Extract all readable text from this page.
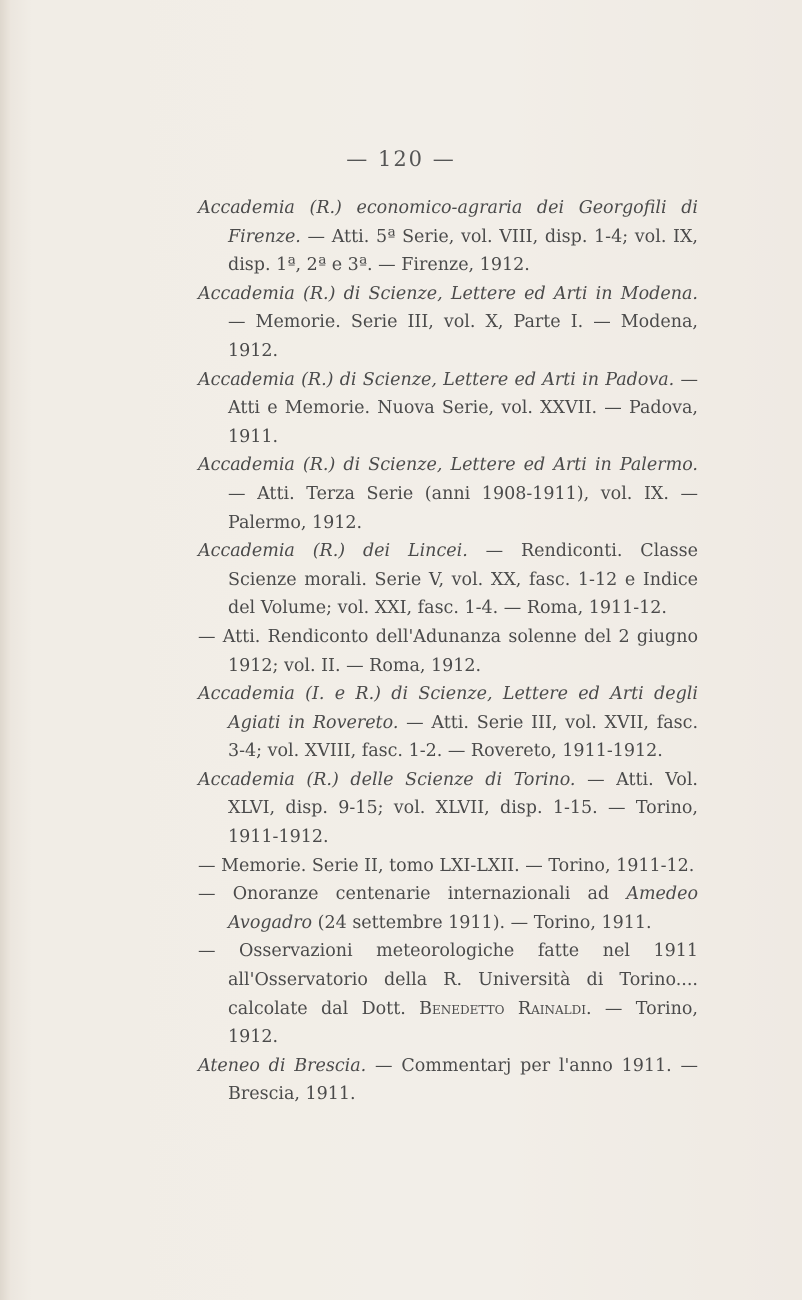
— 120 —

Accademia (R.) economico-agraria dei Georgofili di Firenze. — Atti. 5ª Serie, vol. VIII, disp. 1-4; vol. IX, disp. 1ª, 2ª e 3ª. — Firenze, 1912.

Accademia (R.) di Scienze, Lettere ed Arti in Modena. — Memorie. Serie III, vol. X, Parte I. — Modena, 1912.

Accademia (R.) di Scienze, Lettere ed Arti in Padova. — Atti e Memorie. Nuova Serie, vol. XXVII. — Padova, 1911.

Accademia (R.) di Scienze, Lettere ed Arti in Palermo. — Atti. Terza Serie (anni 1908-1911), vol. IX. — Palermo, 1912.

Accademia (R.) dei Lincei. — Rendiconti. Classe Scienze morali. Serie V, vol. XX, fasc. 1-12 e Indice del Volume; vol. XXI, fasc. 1-4. — Roma, 1911-12.

— Atti. Rendiconto dell'Adunanza solenne del 2 giugno 1912; vol. II. — Roma, 1912.

Accademia (I. e R.) di Scienze, Lettere ed Arti degli Agiati in Rovereto. — Atti. Serie III, vol. XVII, fasc. 3-4; vol. XVIII, fasc. 1-2. — Rovereto, 1911-1912.

Accademia (R.) delle Scienze di Torino. — Atti. Vol. XLVI, disp. 9-15; vol. XLVII, disp. 1-15. — Torino, 1911-1912.

— Memorie. Serie II, tomo LXI-LXII. — Torino, 1911-12.

— Onoranze centenarie internazionali ad Amedeo Avogadro (24 settembre 1911). — Torino, 1911.

— Osservazioni meteorologiche fatte nel 1911 all'Osservatorio della R. Università di Torino.... calcolate dal Dott. Benedetto Rainaldi. — Torino, 1912.

Ateneo di Brescia. — Commentarj per l'anno 1911. — Brescia, 1911.
